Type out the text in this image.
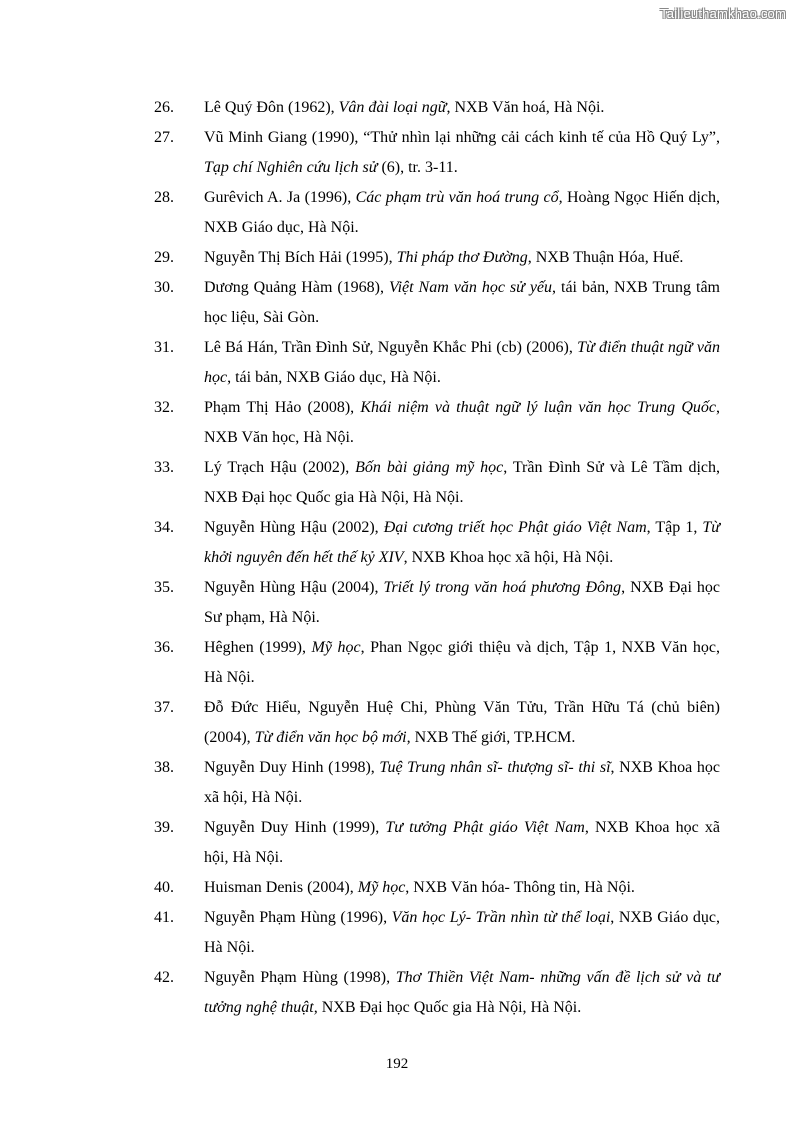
Tailieuthamkhao.com
26.	Lê Quý Đôn (1962), Vân đài loại ngữ, NXB Văn hoá, Hà Nội.
27.	Vũ Minh Giang (1990), “Thử nhìn lại những cải cách kinh tế của Hồ Quý Ly”, Tạp chí Nghiên cứu lịch sử (6), tr. 3-11.
28.	Gurêvich A. Ja (1996), Các phạm trù văn hoá trung cổ, Hoàng Ngọc Hiến dịch, NXB Giáo dục, Hà Nội.
29.	Nguyễn Thị Bích Hải (1995), Thi pháp thơ Đường, NXB Thuận Hóa, Huế.
30.	Dương Quảng Hàm (1968), Việt Nam văn học sử yếu, tái bản, NXB Trung tâm học liệu, Sài Gòn.
31.	Lê Bá Hán, Trần Đình Sử, Nguyễn Khắc Phi (cb) (2006), Từ điển thuật ngữ văn học, tái bản, NXB Giáo dục, Hà Nội.
32.	Phạm Thị Hảo (2008), Khái niệm và thuật ngữ lý luận văn học Trung Quốc, NXB Văn học, Hà Nội.
33.	Lý Trạch Hậu (2002), Bốn bài giảng mỹ học, Trần Đình Sử và Lê Tầm dịch, NXB Đại học Quốc gia Hà Nội, Hà Nội.
34.	Nguyễn Hùng Hậu (2002), Đại cương triết học Phật giáo Việt Nam, Tập 1, Từ khởi nguyên đến hết thế kỷ XIV, NXB Khoa học xã hội, Hà Nội.
35.	Nguyễn Hùng Hậu (2004), Triết lý trong văn hoá phương Đông, NXB Đại học Sư phạm, Hà Nội.
36.	Hêghen (1999), Mỹ học, Phan Ngọc giới thiệu và dịch, Tập 1, NXB Văn học, Hà Nội.
37.	Đỗ Đức Hiểu, Nguyễn Huệ Chi, Phùng Văn Tửu, Trần Hữu Tá (chủ biên) (2004), Từ điển văn học bộ mới, NXB Thế giới, TP.HCM.
38.	Nguyễn Duy Hinh (1998), Tuệ Trung nhân sĩ- thượng sĩ- thi sĩ, NXB Khoa học xã hội, Hà Nội.
39.	Nguyễn Duy Hinh (1999), Tư tưởng Phật giáo Việt Nam, NXB Khoa học xã hội, Hà Nội.
40.	Huisman Denis (2004), Mỹ học, NXB Văn hóa- Thông tin, Hà Nội.
41.	Nguyễn Phạm Hùng (1996), Văn học Lý- Trần nhìn từ thể loại, NXB Giáo dục, Hà Nội.
42.	Nguyễn Phạm Hùng (1998), Thơ Thiền Việt Nam- những vấn đề lịch sử và tư tưởng nghệ thuật, NXB Đại học Quốc gia Hà Nội, Hà Nội.
192
